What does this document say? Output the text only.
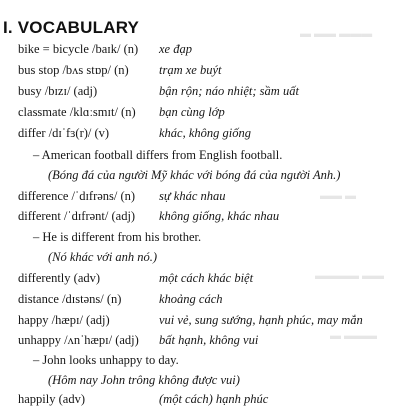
▬ ▬▬ ▬▬▬
▬▬ ▬
▬▬▬▬ ▬▬
▬ ▬▬▬
I. VOCABULARY
bike = bicycle /baɪk/ (n) xe đạp
bus stop /bʌs stɒp/ (n) trạm xe buýt
busy /bɪzɪ/ (adj)	bận rộn; náo nhiệt; sầm uất
classmate /klɑːsmɪt/ (n) bạn cùng lớp
differ /dɪˈfɜ(r)/ (v)	khác, không giống
– American football differs from English football.
(Bóng đá của người Mỹ khác với bóng đá của người Anh.)
difference /ˈdɪfrəns/ (n) sự khác nhau
different /ˈdɪfrənt/ (adj) không giống, khác nhau
– He is different from his brother.
(Nó khác với anh nó.)
differently (adv)	một cách khác biệt
distance /dɪstəns/ (n)	khoảng cách
happy /hæpɪ/ (adj)	vui vẻ, sung sướng, hạnh phúc, may mắn
unhappy /ʌnˈhæpɪ/ (adj) bất hạnh, không vui
– John looks unhappy to day.
(Hôm nay John trông không được vui)
happily (adv)	(một cách) hạnh phúc
